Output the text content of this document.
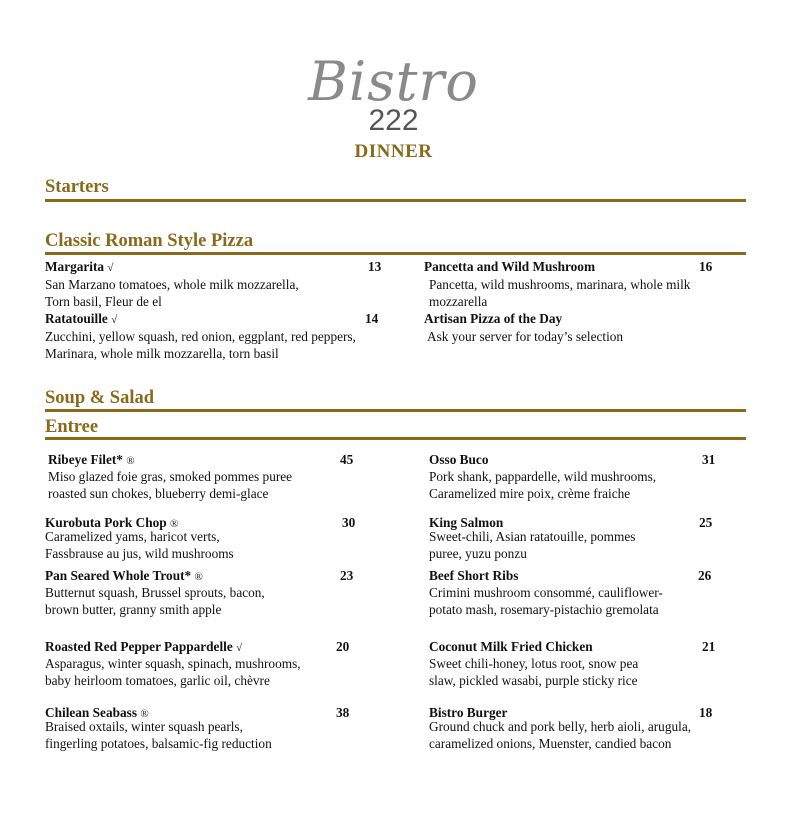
Bistro
222
DINNER
Starters
Classic Roman Style Pizza
Margarita √	13
San Marzano tomatoes, whole milk mozzarella,
Torn basil, Fleur de el
Ratatouille √	14
Zucchini, yellow squash, red onion, eggplant, red peppers,
Marinara, whole milk mozzarella, torn basil
Pancetta and Wild Mushroom	16
Pancetta, wild mushrooms, marinara, whole milk
mozzarella
Artisan Pizza of the Day
Ask your server for today’s selection
Soup & Salad
Entree
Ribeye Filet* ®	45
Miso glazed foie gras, smoked pommes puree
roasted sun chokes, blueberry demi-glace
Kurobuta Pork Chop ®	30
Caramelized yams, haricot verts,
Fassbrause au jus, wild mushrooms
Pan Seared Whole Trout* ®	23
Butternut squash, Brussel sprouts, bacon,
brown butter, granny smith apple
Roasted Red Pepper Pappardelle √	20
Asparagus, winter squash, spinach, mushrooms,
baby heirloom tomatoes, garlic oil, chèvre
Chilean Seabass ®	38
Braised oxtails, winter squash pearls,
fingerling potatoes, balsamic-fig reduction
Osso Buco	31
Pork shank, pappardelle, wild mushrooms,
Caramelized mire poix, crème fraiche
King Salmon	25
Sweet-chili, Asian ratatouille, pommes
puree, yuzu ponzu
Beef Short Ribs	26
Crimini mushroom consommé, cauliflower-
potato mash, rosemary-pistachio gremolata
Coconut Milk Fried Chicken	21
Sweet chili-honey, lotus root, snow pea
slaw, pickled wasabi, purple sticky rice
Bistro Burger	18
Ground chuck and pork belly, herb aioli, arugula,
caramelized onions, Muenster, candied bacon
